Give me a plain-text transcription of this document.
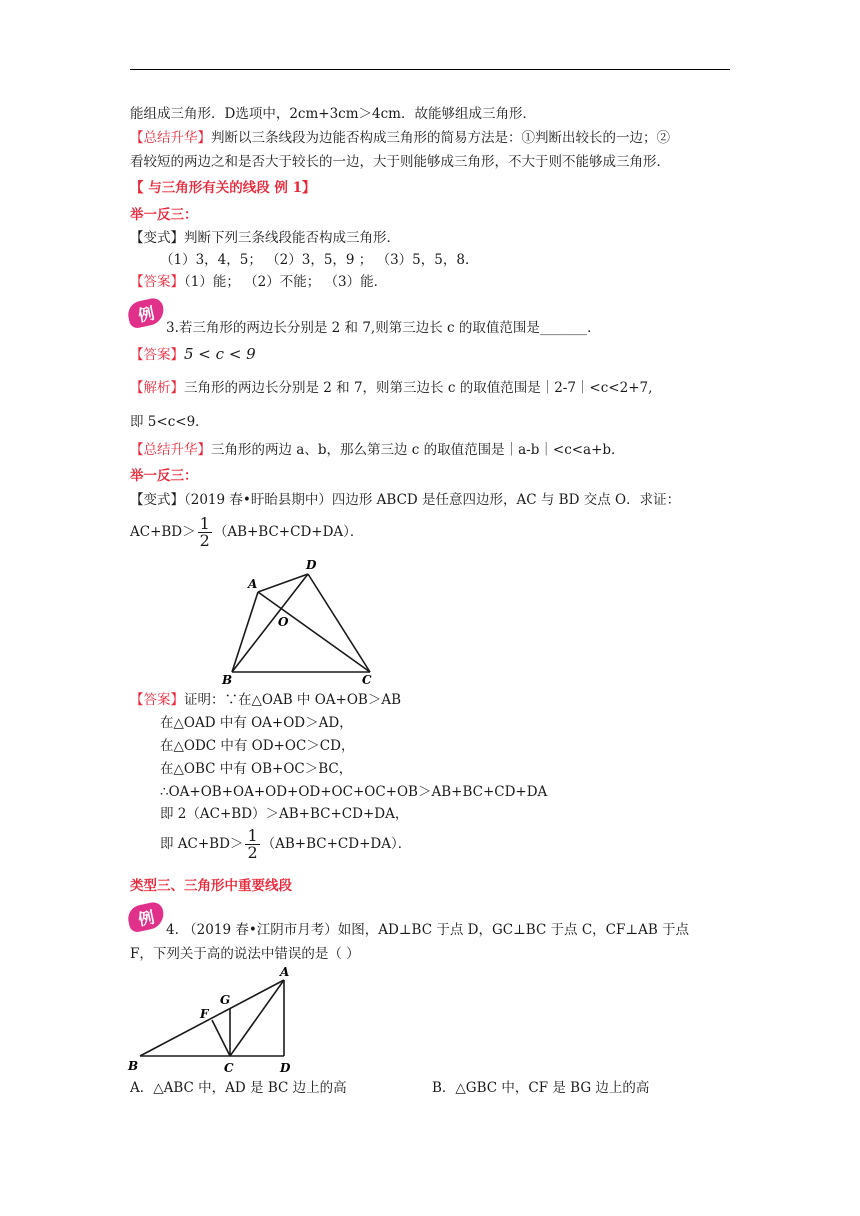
能组成三角形．D选项中，2cm+3cm＞4cm．故能够组成三角形．
【总结升华】判断以三条线段为边能否构成三角形的简易方法是：①判断出较长的一边；②
看较短的两边之和是否大于较长的一边，大于则能够成三角形，不大于则不能够成三角形．
【 与三角形有关的线段 例 1】
举一反三：
【变式】判断下列三条线段能否构成三角形．
（1）3，4，5； （2）3，5，9 ； （3）5，5，8．
【答案】（1）能； （2）不能； （3）能．
例
3.若三角形的两边长分别是 2 和 7,则第三边长 c 的取值范围是_______．
【答案】5 < c < 9
【解析】三角形的两边长分别是 2 和 7，则第三边长 c 的取值范围是｜2-7｜<c<2+7,
即 5<c<9．
【总结升华】三角形的两边 a、b，那么第三边 c 的取值范围是｜a-b｜<c<a+b．
举一反三：
【变式】（2019 春•盱眙县期中）四边形 ABCD 是任意四边形，AC 与 BD 交点 O．求证：
$AC+BD> \frac{1}{2} (AB+BC+CD+DA)$．
A
D
O
B	C
【答案】证明：∵在△OAB 中 OA+OB＞AB
在△OAD 中有 OA+OD＞AD，
在△ODC 中有 OD+OC＞CD，
在△OBC 中有 OB+OC＞BC，
∴OA+OB+OA+OD+OD+OC+OC+OB＞AB+BC+CD+DA
即 2（AC+BD）＞AB+BC+CD+DA，
即 $AC+BD> \frac{1}{2} (AB+BC+CD+DA)$．
类型三、三角形中重要线段
例
4. （2019 春•江阴市月考）如图，AD⊥BC 于点 D，GC⊥BC 于点 C，CF⊥AB 于点
F，下列关于高的说法中错误的是（ ）
A
G
F
B	C	D
A．△ABC 中，AD 是 BC 边上的高	B．△GBC 中，CF 是 BG 边上的高
